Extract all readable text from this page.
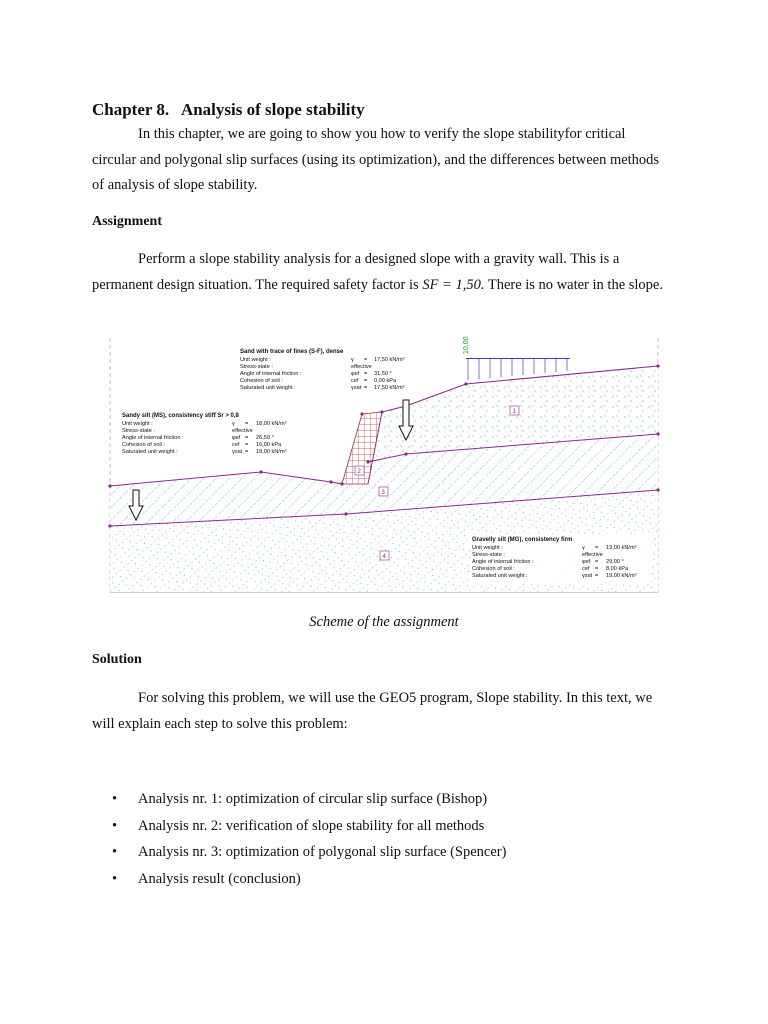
Chapter 8.   Analysis of slope stability

In this chapter, we are going to show you how to verify the slope stabilityfor critical circular and polygonal slip surfaces (using its optimization), and the differences between methods of analysis of slope stability.

Assignment

Perform a slope stability analysis for a designed slope with a gravity wall. This is a permanent design situation. The required safety factor is SF = 1,50. There is no water in the slope.

10,00
1
2
3
4
Sand with trace of fines (S-F), dense
Unit weight :	γ = 17,50 kN/m³
Stress-state :	effective
Angle of internal friction :	φef = 31,50 °
Cohesion of soil :	cef = 0,00 kPa
Saturated unit weight :	γsat = 17,50 kN/m³
Sandy silt (MS), consistency stiff Sr > 0,8
Unit weight :	γ = 18,00 kN/m³
Stress-state :	effective
Angle of internal friction :	φef = 26,50 °
Cohesion of soil :	cef = 16,00 kPa
Saturated unit weight :	γsat = 18,00 kN/m³
Gravelly silt (MG), consistency firm
Unit weight :	γ = 19,00 kN/m³
Stress-state :	effective
Angle of internal friction :	φef = 29,00 °
Cohesion of soil :	cef = 8,00 kPa
Saturated unit weight :	γsat = 19,00 kN/m³
Scheme of the assignment

Solution

For solving this problem, we will use the GEO5 program, Slope stability. In this text, we will explain each step to solve this problem:

• Analysis nr. 1: optimization of circular slip surface (Bishop)
• Analysis nr. 2: verification of slope stability for all methods
• Analysis nr. 3: optimization of polygonal slip surface (Spencer)
• Analysis result (conclusion)
